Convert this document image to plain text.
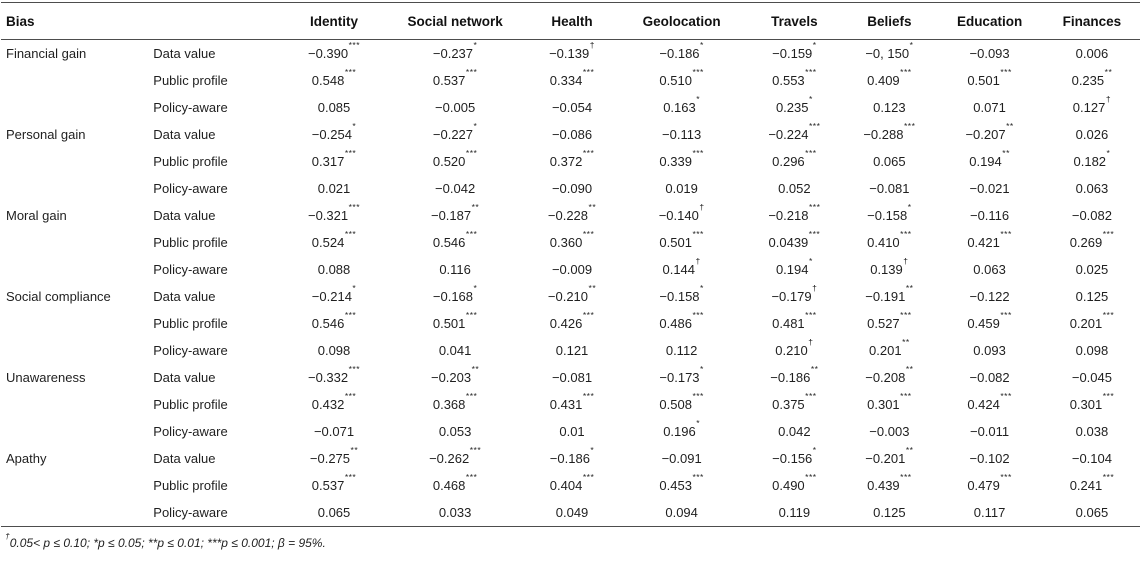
Bias		Identity	Social network	Health	Geolocation	Travels	Beliefs	Education	Finances
Financial gain	Data value	−0.390***	−0.237*	−0.139†	−0.186*	−0.159*	−0, 150*	−0.093	0.006
	Public profile	0.548***	0.537***	0.334***	0.510***	0.553***	0.409***	0.501***	0.235**
	Policy-aware	0.085	−0.005	−0.054	0.163*	0.235*	0.123	0.071	0.127†
Personal gain	Data value	−0.254*	−0.227*	−0.086	−0.113	−0.224***	−0.288***	−0.207**	0.026
	Public profile	0.317***	0.520***	0.372***	0.339***	0.296***	0.065	0.194**	0.182*
	Policy-aware	0.021	−0.042	−0.090	0.019	0.052	−0.081	−0.021	0.063
Moral gain	Data value	−0.321***	−0.187**	−0.228**	−0.140†	−0.218***	−0.158*	−0.116	−0.082
	Public profile	0.524***	0.546***	0.360***	0.501***	0.0439***	0.410***	0.421***	0.269***
	Policy-aware	0.088	0.116	−0.009	0.144†	0.194*	0.139†	0.063	0.025
Social compliance	Data value	−0.214*	−0.168*	−0.210**	−0.158*	−0.179†	−0.191**	−0.122	0.125
	Public profile	0.546***	0.501***	0.426***	0.486***	0.481***	0.527***	0.459***	0.201***
	Policy-aware	0.098	0.041	0.121	0.112	0.210†	0.201**	0.093	0.098
Unawareness	Data value	−0.332***	−0.203**	−0.081	−0.173*	−0.186**	−0.208**	−0.082	−0.045
	Public profile	0.432***	0.368***	0.431***	0.508***	0.375***	0.301***	0.424***	0.301***
	Policy-aware	−0.071	0.053	0.01	0.196*	0.042	−0.003	−0.011	0.038
Apathy	Data value	−0.275**	−0.262***	−0.186*	−0.091	−0.156*	−0.201**	−0.102	−0.104
	Public profile	0.537***	0.468***	0.404***	0.453***	0.490***	0.439***	0.479***	0.241***
	Policy-aware	0.065	0.033	0.049	0.094	0.119	0.125	0.117	0.065
†0.05< p ≤ 0.10; *p ≤ 0.05; **p ≤ 0.01; ***p ≤ 0.001; β = 95%.
